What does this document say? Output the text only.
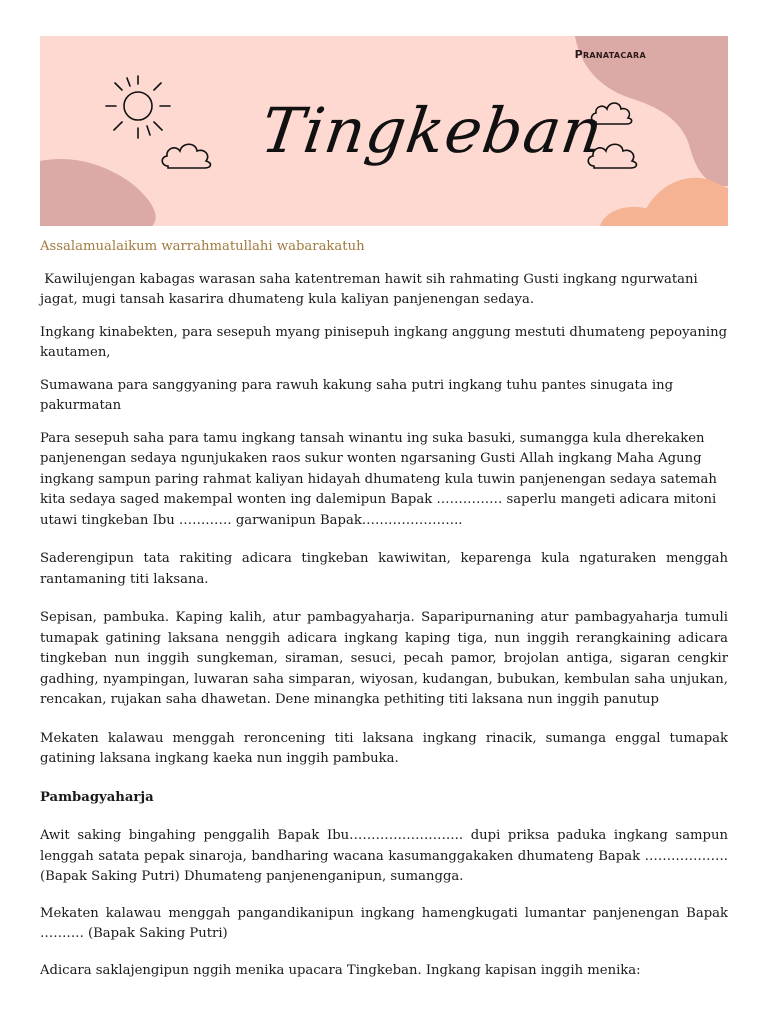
Pranatacara
Tingkeban

Assalamualaikum warrahmatullahi wabarakatuh

Kawilujengan kabagas warasan saha katentreman hawit sih rahmating Gusti ingkang ngurwatani jagat, mugi tansah kasarira dhumateng kula kaliyan panjenengan sedaya.

Ingkang kinabekten, para sesepuh myang pinisepuh ingkang anggung mestuti dhumateng pepoyaning kautamen,

Sumawana para sanggyaning para rawuh kakung saha putri ingkang tuhu pantes sinugata ing pakurmatan

Para sesepuh saha para tamu ingkang tansah winantu ing suka basuki, sumangga kula dherekaken panjenengan sedaya ngunjukaken raos sukur wonten ngarsaning Gusti Allah ingkang Maha Agung ingkang sampun paring rahmat kaliyan hidayah dhumateng kula tuwin panjenengan sedaya satemah kita sedaya saged makempal wonten ing dalemipun Bapak …………… saperlu mangeti adicara mitoni utawi tingkeban Ibu ………… garwanipun Bapak…………………..

Saderengipun tata rakiting adicara tingkeban kawiwitan, keparenga kula ngaturaken menggah rantamaning titi laksana.

Sepisan, pambuka. Kaping kalih, atur pambagyaharja. Saparipurnaning atur pambagyaharja tumuli tumapak gatining laksana nenggih adicara ingkang kaping tiga, nun inggih rerangkaining adicara tingkeban nun inggih sungkeman, siraman, sesuci, pecah pamor, brojolan antiga, sigaran cengkir gadhing, nyampingan, luwaran saha simparan, wiyosan, kudangan, bubukan, kembulan saha unjukan, rencakan, rujakan saha dhawetan. Dene minangka pethiting titi laksana nun inggih panutup

Mekaten kalawau menggah reroncening titi laksana ingkang rinacik, sumanga enggal tumapak gatining laksana ingkang kaeka nun inggih pambuka.

Pambagyaharja

Awit saking bingahing penggalih Bapak Ibu…………………….. dupi priksa paduka ingkang sampun lenggah satata pepak sinaroja, bandharing wacana kasumanggakaken dhumateng Bapak ………………. (Bapak Saking Putri) Dhumateng panjenenganipun, sumangga.

Mekaten kalawau menggah pangandikanipun ingkang hamengkugati lumantar panjenengan Bapak ………. (Bapak Saking Putri)

Adicara saklajengipun nggih menika upacara Tingkeban. Ingkang kapisan inggih menika:
